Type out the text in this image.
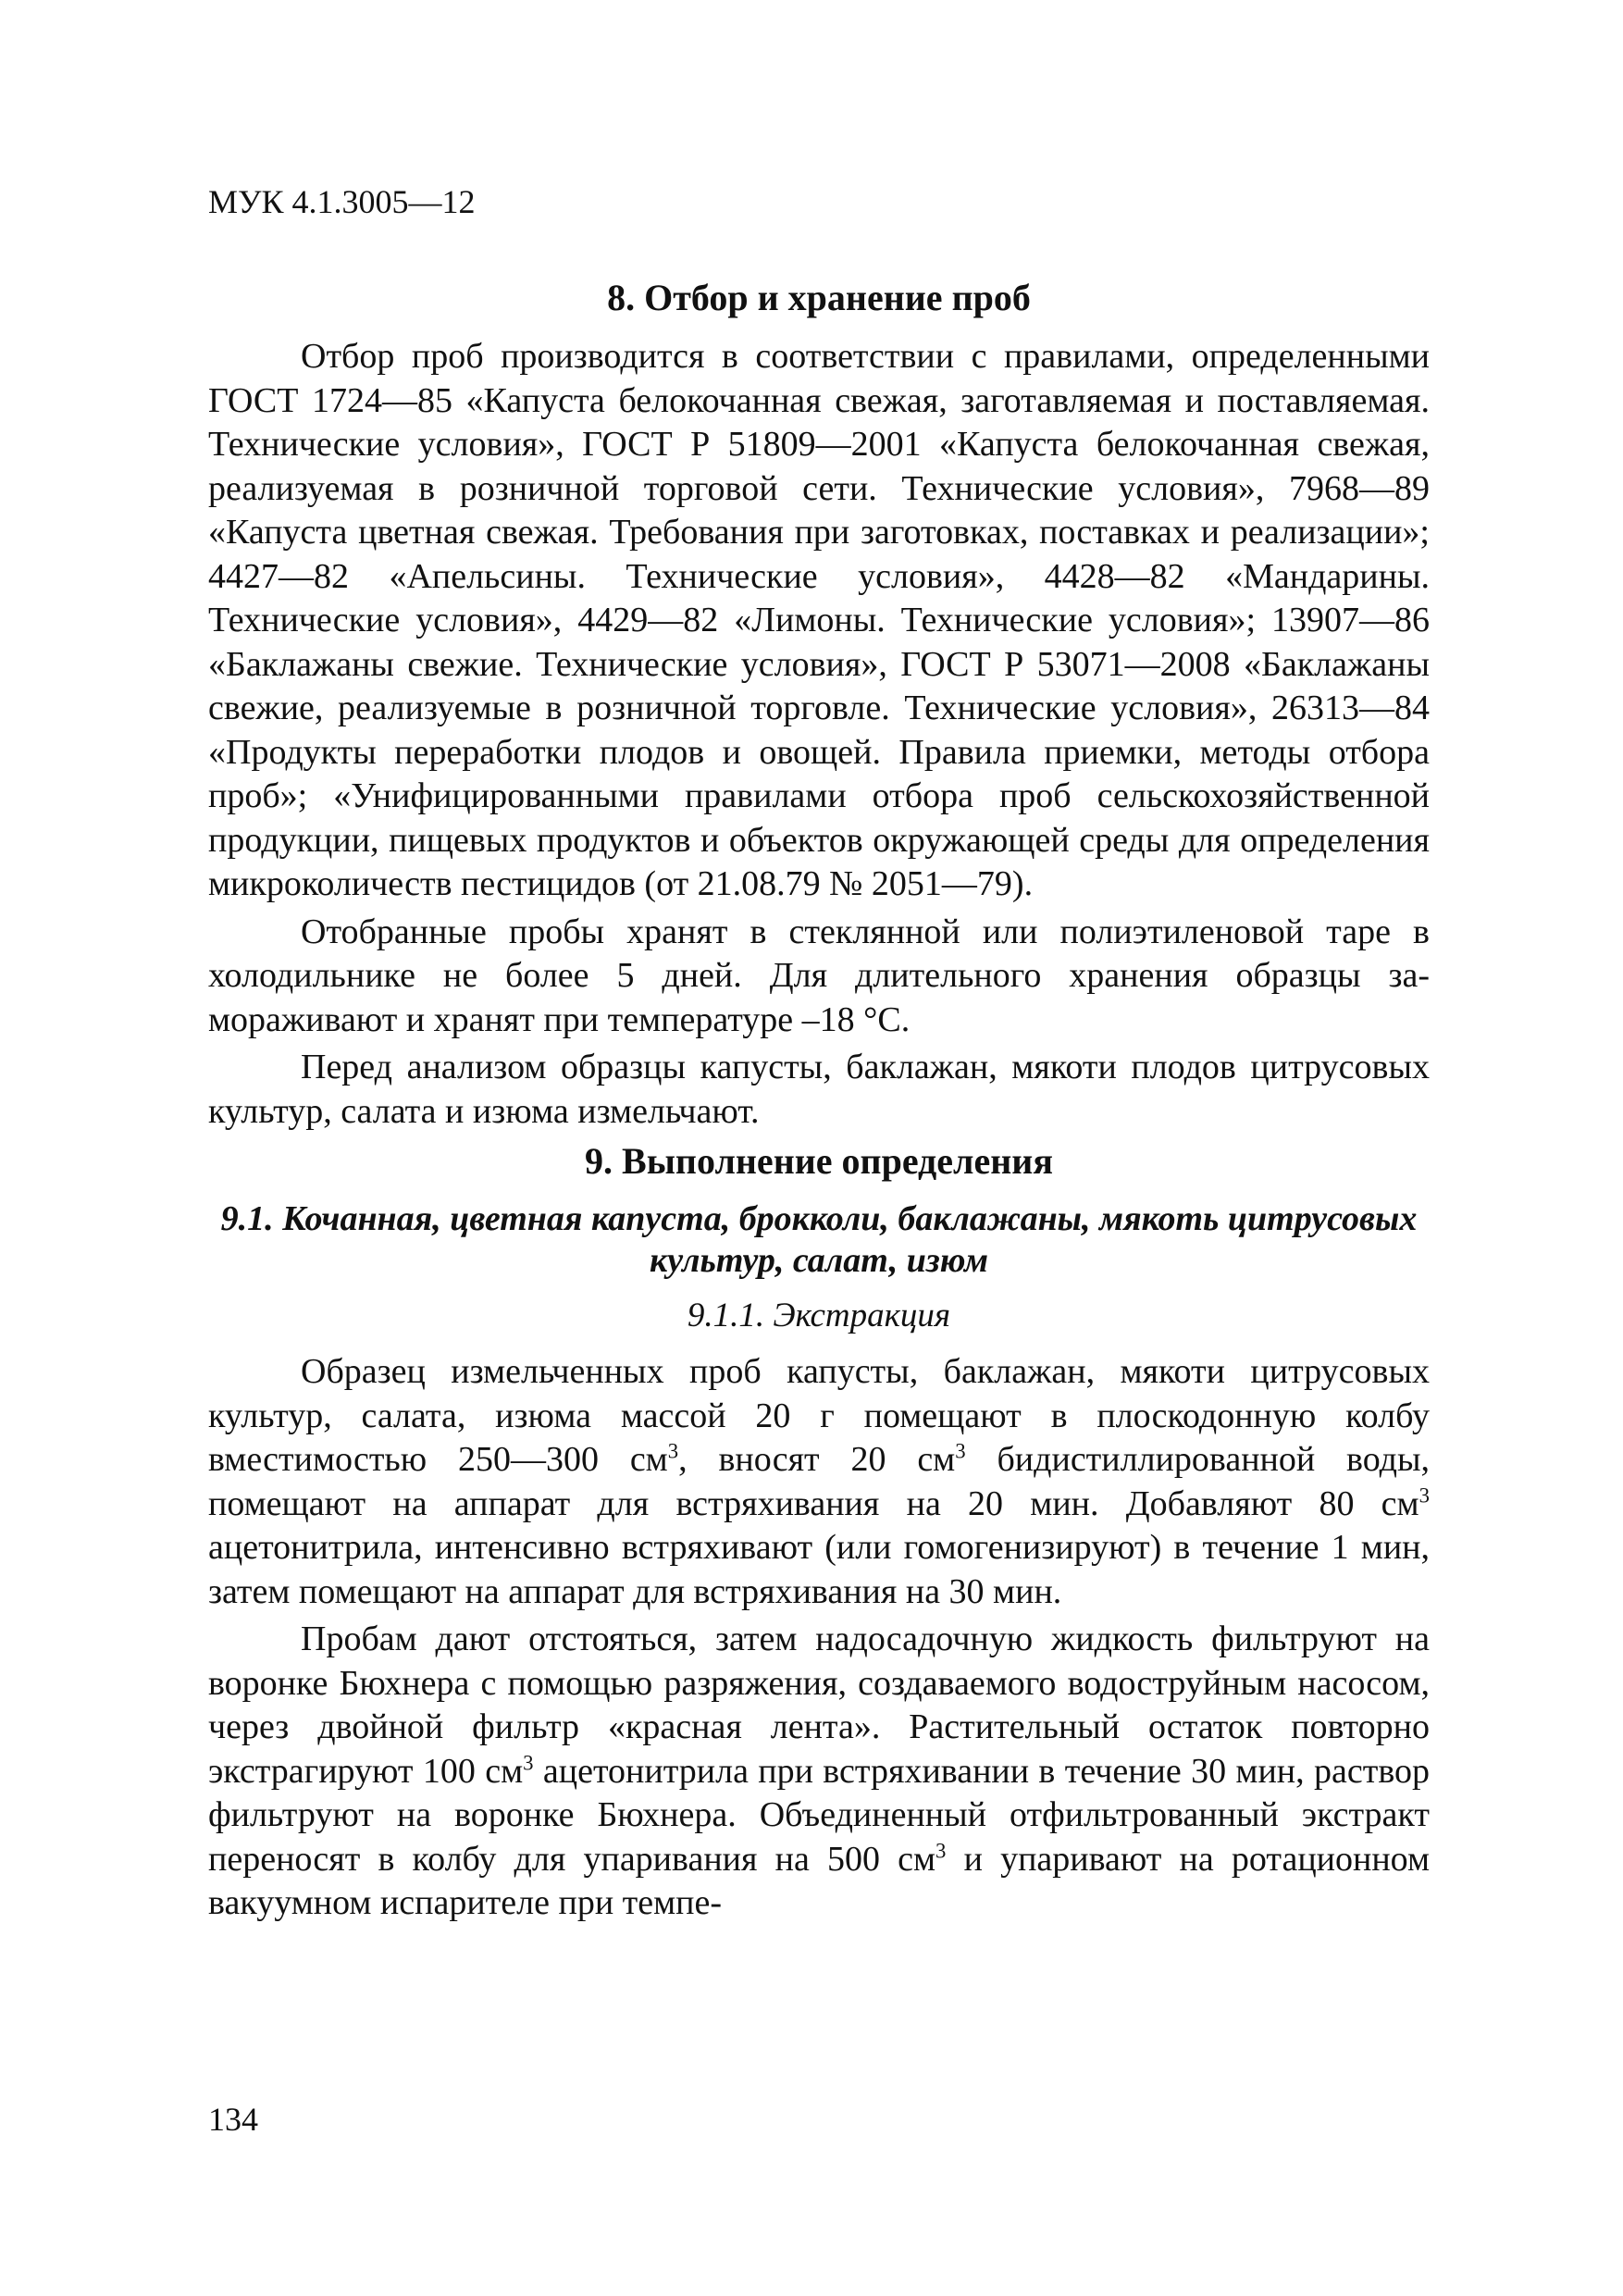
МУК 4.1.3005—12
8. Отбор и хранение проб

Отбор проб производится в соответствии с правилами, определенными ГОСТ 1724—85 «Капуста белокочанная свежая, заготавляемая и поставляемая. Технические условия», ГОСТ Р 51809—2001 «Капуста белокочанная свежая, реализуемая в розничной торговой сети. Технические условия», 7968—89 «Капуста цветная свежая. Требования при заготовках, поставках и реализации»; 4427—82 «Апельсины. Технические условия», 4428—82 «Мандарины. Технические условия», 4429—82 «Лимоны. Технические условия»; 13907—86 «Баклажаны свежие. Технические условия», ГОСТ Р 53071—2008 «Баклажаны свежие, реализуемые в розничной торговле. Технические условия», 26313—84 «Продукты переработки плодов и овощей. Правила приемки, методы отбора проб»; «Унифицированными правилами отбора проб сельскохозяйственной продукции, пищевых продуктов и объектов окружающей среды для определения микроколичеств пестицидов (от 21.08.79 № 2051—79).

Отобранные пробы хранят в стеклянной или полиэтиленовой таре в холодильнике не более 5 дней. Для длительного хранения образцы замораживают и хранят при температуре –18 °С.

Перед анализом образцы капусты, баклажан, мякоти плодов цитрусовых культур, салата и изюма измельчают.

9. Выполнение определения
9.1. Кочанная, цветная капуста, брокколи, баклажаны, мякоть цитрусовых культур, салат, изюм
9.1.1. Экстракция

Образец измельченных проб капусты, баклажан, мякоти цитрусовых культур, салата, изюма массой 20 г помещают в плоскодонную колбу вместимостью 250—300 $см^3$, вносят 20 $см^3$ бидистиллированной воды, помещают на аппарат для встряхивания на 20 мин. Добавляют 80 $см^3$ ацетонитрила, интенсивно встряхивают (или гомогенизируют) в течение 1 мин, затем помещают на аппарат для встряхивания на 30 мин.

Пробам дают отстояться, затем надосадочную жидкость фильтруют на воронке Бюхнера с помощью разряжения, создаваемого водоструйным насосом, через двойной фильтр «красная лента». Растительный остаток повторно экстрагируют 100 $см^3$ ацетонитрила при встряхивании в течение 30 мин, раствор фильтруют на воронке Бюхнера. Объединенный отфильтрованный экстракт переносят в колбу для упаривания на 500 $см^3$ и упаривают на ротационном вакуумном испарителе при темпе-

134
